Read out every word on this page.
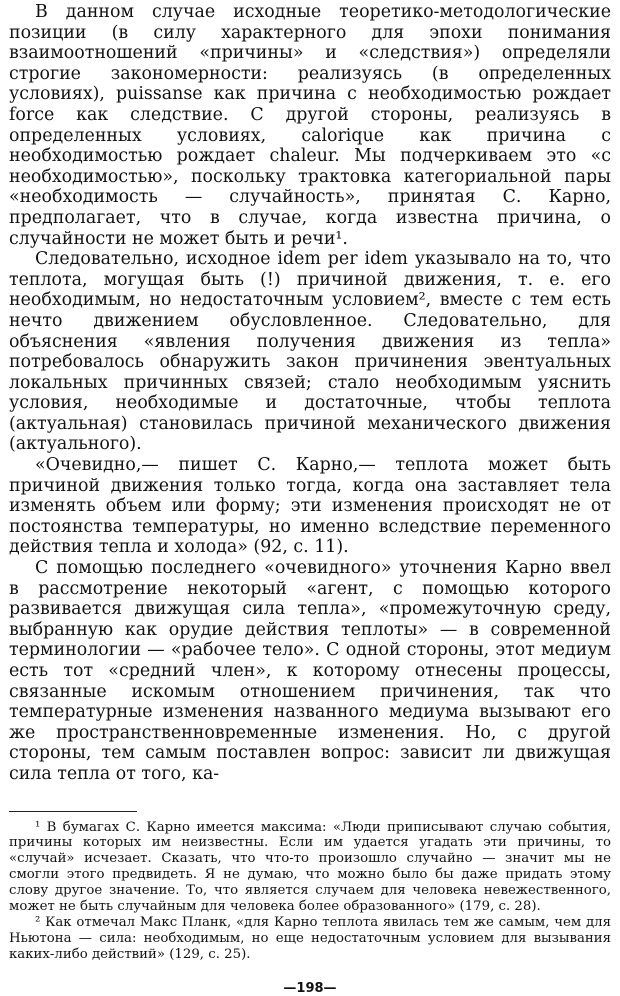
В данном случае исходные теоретико-методологические позиции (в силу характерного для эпохи понимания взаимоотношений «причины» и «следствия») определяли строгие закономерности: реализуясь (в определенных условиях), puissanse как причина с необходимостью рождает force как следствие. С другой стороны, реализуясь в определенных условиях, calorique как причина с необходимостью рождает chaleur. Мы подчеркиваем это «с необходимостью», поскольку трактовка категориальной пары «необходимость — случайность», принятая С. Карно, предполагает, что в случае, когда известна причина, о случайности не может быть и речи¹.

Следовательно, исходное idem per idem указывало на то, что теплота, могущая быть (!) причиной движения, т. е. его необходимым, но недостаточным условием², вместе с тем есть нечто движением обусловленное. Следовательно, для объяснения «явления получения движения из тепла» потребовалось обнаружить закон причинения эвентуальных локальных причинных связей; стало необходимым уяснить условия, необходимые и достаточные, чтобы теплота (актуальная) становилась причиной механического движения (актуального).

«Очевидно,— пишет С. Карно,— теплота может быть причиной движения только тогда, когда она заставляет тела изменять объем или форму; эти изменения происходят не от постоянства температуры, но именно вследствие переменного действия тепла и холода» (92, с. 11).

С помощью последнего «очевидного» уточнения Карно ввел в рассмотрение некоторый «агент, с помощью которого развивается движущая сила тепла», «промежуточную среду, выбранную как орудие действия теплоты» — в современной терминологии — «рабочее тело». С одной стороны, этот медиум есть тот «средний член», к которому отнесены процессы, связанные искомым отношением причинения, так что температурные изменения названного медиума вызывают его же пространственновременные изменения. Но, с другой стороны, тем самым поставлен вопрос: зависит ли движущая сила тепла от того, ка-

¹ В бумагах С. Карно имеется максима: «Люди приписывают случаю события, причины которых им неизвестны. Если им удается угадать эти причины, то «случай» исчезает. Сказать, что что-то произошло случайно — значит мы не смогли этого предвидеть. Я не думаю, что можно было бы даже придать этому слову другое значение. То, что является случаем для человека невежественного, может не быть случайным для человека более образованного» (179, с. 28).

² Как отмечал Макс Планк, «для Карно теплота явилась тем же самым, чем для Ньютона — сила: необходимым, но еще недостаточным условием для вызывания каких-либо действий» (129, с. 25).

—198—
